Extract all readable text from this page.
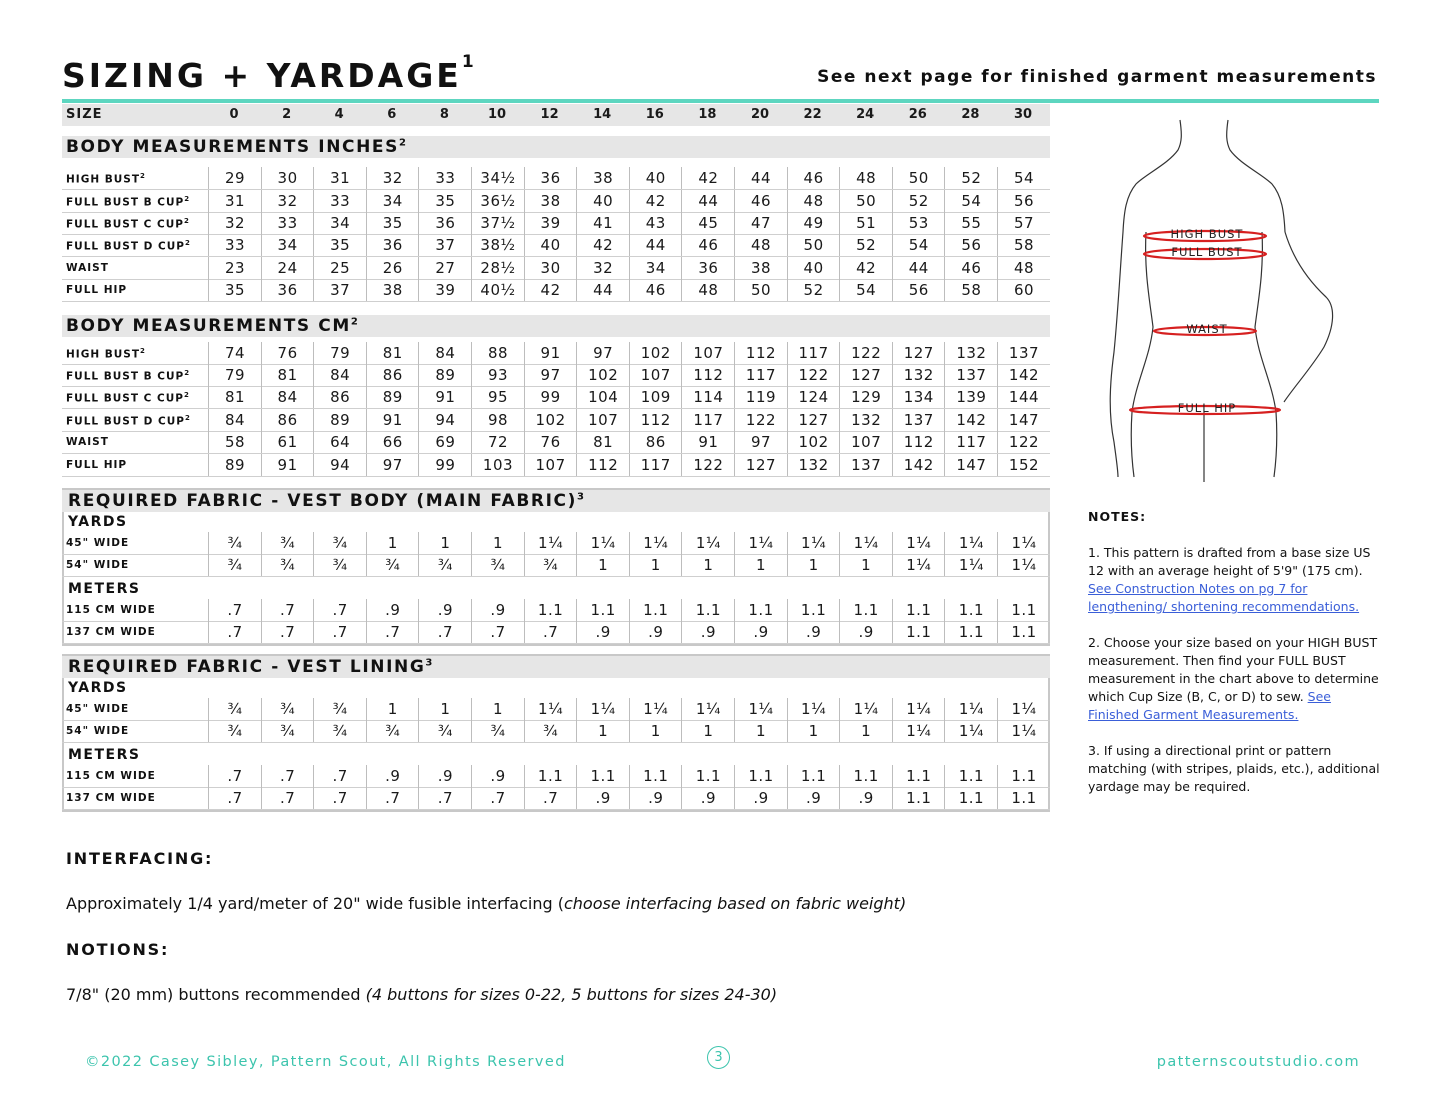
SIZING + $YARDAGE^1$
See next page for finished garment measurements
SIZE	0	2	4	6	8	10	12	14	16	18	20	22	24	26	28	30
BODY MEASUREMENTS INCHES$^2$
HIGH BUST$^2$	29	30	31	32	33	34½	36	38	40	42	44	46	48	50	52	54
FULL BUST B CUP$^2$	31	32	33	34	35	36½	38	40	42	44	46	48	50	52	54	56
FULL BUST C CUP$^2$	32	33	34	35	36	37½	39	41	43	45	47	49	51	53	55	57
FULL BUST D CUP$^2$	33	34	35	36	37	38½	40	42	44	46	48	50	52	54	56	58
WAIST	23	24	25	26	27	28½	30	32	34	36	38	40	42	44	46	48
FULL HIP	35	36	37	38	39	40½	42	44	46	48	50	52	54	56	58	60
BODY MEASUREMENTS $CM^2$
HIGH BUST$^2$	74	76	79	81	84	88	91	97	102	107	112	117	122	127	132	137
FULL BUST B CUP$^2$	79	81	84	86	89	93	97	102	107	112	117	122	127	132	137	142
FULL BUST C CUP$^2$	81	84	86	89	91	95	99	104	109	114	119	124	129	134	139	144
FULL BUST D CUP$^2$	84	86	89	91	94	98	102	107	112	117	122	127	132	137	142	147
WAIST	58	61	64	66	69	72	76	81	86	91	97	102	107	112	117	122
FULL HIP	89	91	94	97	99	103	107	112	117	122	127	132	137	142	147	152
REQUIRED FABRIC - VEST BODY (MAIN FABRIC)$^3$
YARDS
45" WIDE	¾	¾	¾	1	1	1	1¼	1¼	1¼	1¼	1¼	1¼	1¼	1¼	1¼	1¼
54" WIDE	¾	¾	¾	¾	¾	¾	¾	1	1	1	1	1	1	1¼	1¼	1¼
METERS
115 CM WIDE	.7	.7	.7	.9	.9	.9	1.1	1.1	1.1	1.1	1.1	1.1	1.1	1.1	1.1	1.1
137 CM WIDE	.7	.7	.7	.7	.7	.7	.7	.9	.9	.9	.9	.9	.9	1.1	1.1	1.1
REQUIRED FABRIC - VEST LINING$^3$
YARDS
45" WIDE	¾	¾	¾	1	1	1	1¼	1¼	1¼	1¼	1¼	1¼	1¼	1¼	1¼	1¼
54" WIDE	¾	¾	¾	¾	¾	¾	¾	1	1	1	1	1	1	1¼	1¼	1¼
METERS
115 CM WIDE	.7	.7	.7	.9	.9	.9	1.1	1.1	1.1	1.1	1.1	1.1	1.1	1.1	1.1	1.1
137 CM WIDE	.7	.7	.7	.7	.7	.7	.7	.9	.9	.9	.9	.9	.9	1.1	1.1	1.1
HIGH BUST
FULL BUST
WAIST
FULL HIP
NOTES:
1. This pattern is drafted from a base size US 12 with an average height of 5'9" (175 cm). See Construction Notes on pg 7 for lengthening/ shortening recommendations.
2. Choose your size based on your HIGH BUST measurement. Then find your FULL BUST measurement in the chart above to determine which Cup Size (B, C, or D) to sew. See Finished Garment Measurements.
3. If using a directional print or pattern matching (with stripes, plaids, etc.), additional yardage may be required.
INTERFACING:
Approximately 1/4 yard/meter of 20" wide fusible interfacing (choose interfacing based on fabric weight)
NOTIONS:
7/8" (20 mm) buttons recommended (4 buttons for sizes 0-22, 5 buttons for sizes 24-30)
©2022 Casey Sibley, Pattern Scout, All Rights Reserved	3	patternscoutstudio.com
